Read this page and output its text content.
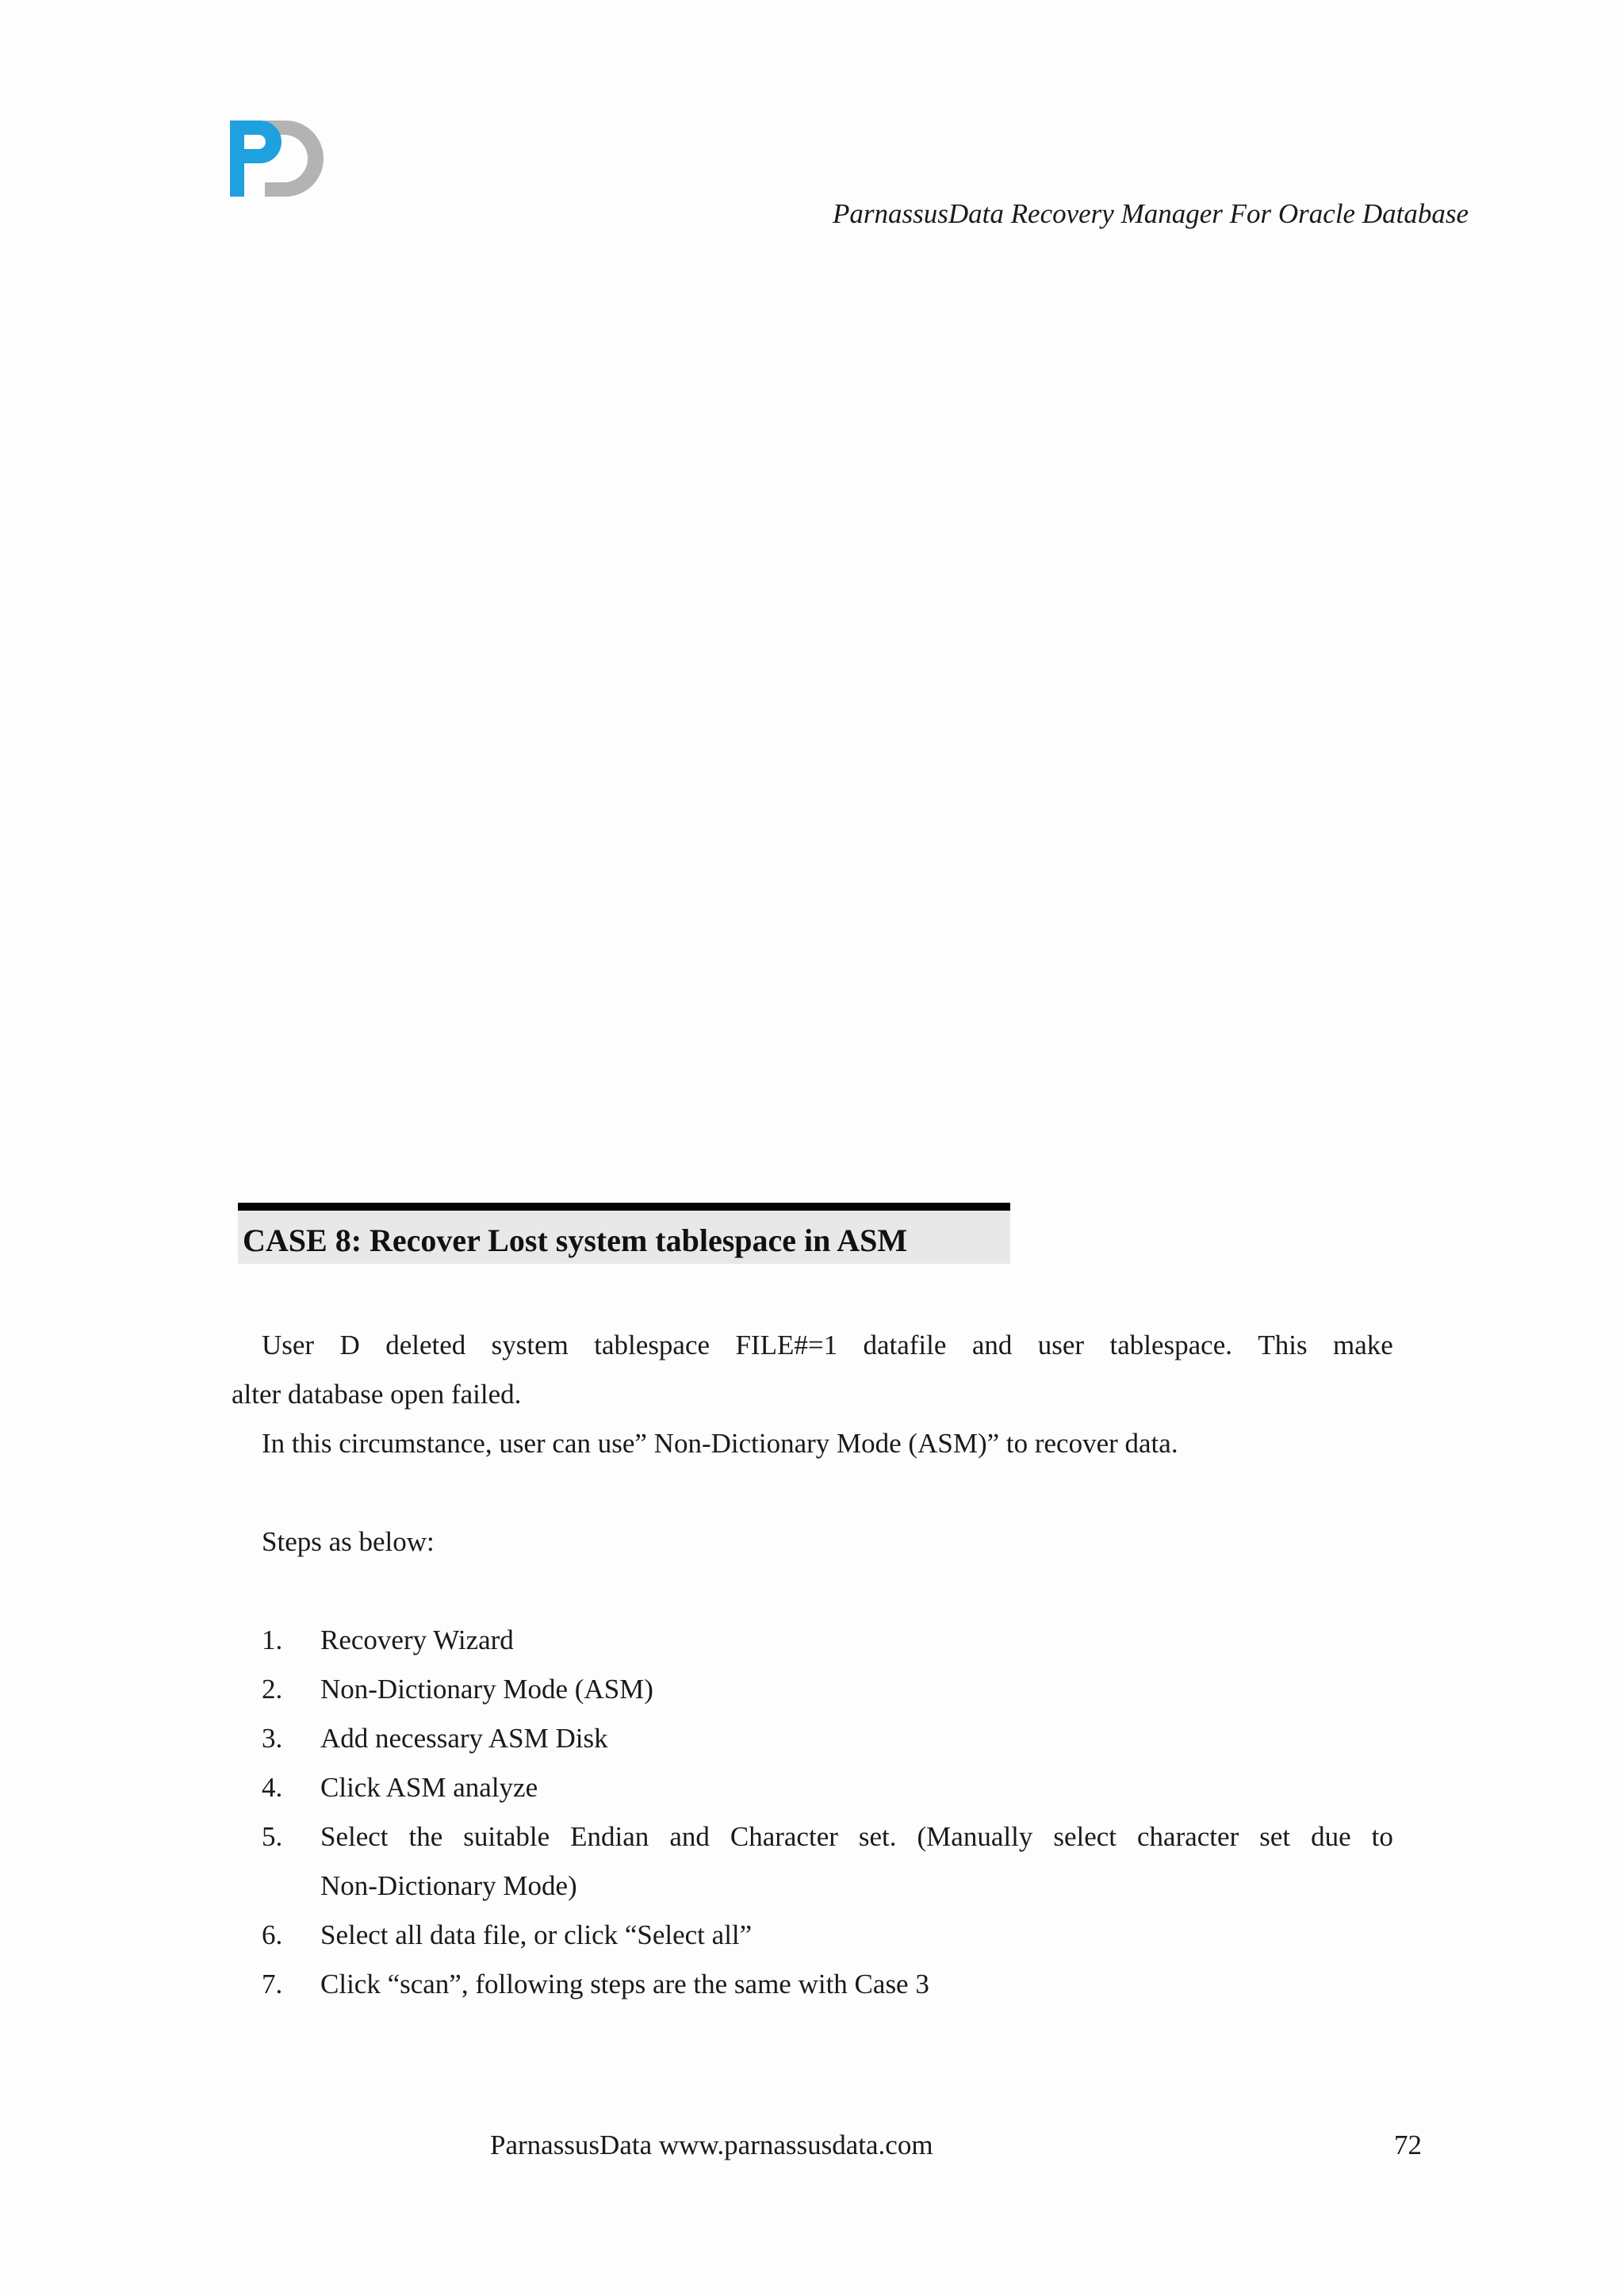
ParnassusData Recovery Manager For Oracle Database
CASE 8: Recover Lost system tablespace in ASM
User D deleted system tablespace FILE#=1 datafile and user tablespace. This make
alter database open failed.
In this circumstance, user can use” Non-Dictionary Mode (ASM)” to recover data.
Steps as below:
1. Recovery Wizard
2. Non-Dictionary Mode (ASM)
3. Add necessary ASM Disk
4. Click ASM analyze
5. Select the suitable Endian and Character set. (Manually select character set due to
Non-Dictionary Mode)
6. Select all data file, or click “Select all”
7. Click “scan”, following steps are the same with Case 3
ParnassusData www.parnassusdata.com	72
